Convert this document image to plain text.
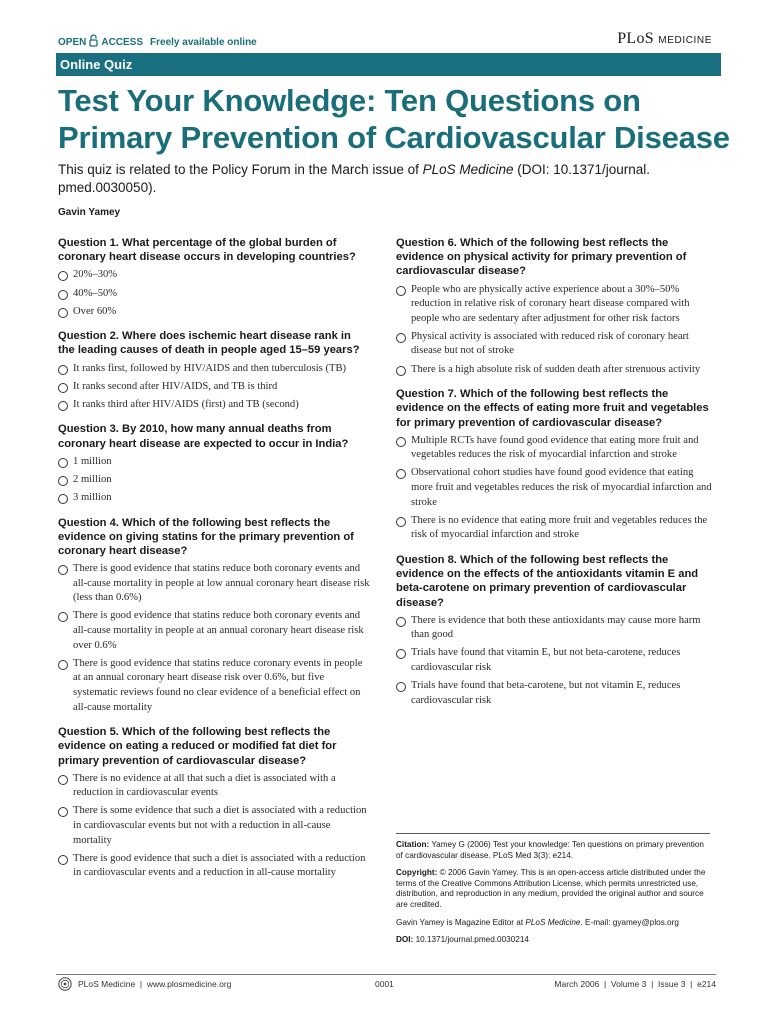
OPEN ACCESS Freely available online	PLoS MEDICINE
Online Quiz
Test Your Knowledge: Ten Questions on Primary Prevention of Cardiovascular Disease

This quiz is related to the Policy Forum in the March issue of PLoS Medicine (DOI: 10.1371/journal. pmed.0030050).

Gavin Yamey

Question 1. What percentage of the global burden of coronary heart disease occurs in developing countries?

20%–30%
40%–50%
Over 60%

Question 2. Where does ischemic heart disease rank in the leading causes of death in people aged 15–59 years?

It ranks first, followed by HIV/AIDS and then tuberculosis (TB)
It ranks second after HIV/AIDS, and TB is third
It ranks third after HIV/AIDS (first) and TB (second)

Question 3. By 2010, how many annual deaths from coronary heart disease are expected to occur in India?

1 million
2 million
3 million

Question 4. Which of the following best reflects the evidence on giving statins for the primary prevention of coronary heart disease?

There is good evidence that statins reduce both coronary events and all-cause mortality in people at low annual coronary heart disease risk (less than 0.6%)
There is good evidence that statins reduce both coronary events and all-cause mortality in people at an annual coronary heart disease risk over 0.6%
There is good evidence that statins reduce coronary events in people at an annual coronary heart disease risk over 0.6%, but five systematic reviews found no clear evidence of a beneficial effect on all-cause mortality

Question 5. Which of the following best reflects the evidence on eating a reduced or modified fat diet for primary prevention of cardiovascular disease?

There is no evidence at all that such a diet is associated with a reduction in cardiovascular events
There is some evidence that such a diet is associated with a reduction in cardiovascular events but not with a reduction in all-cause mortality
There is good evidence that such a diet is associated with a reduction in cardiovascular events and a reduction in all-cause mortality

Question 6. Which of the following best reflects the evidence on physical activity for primary prevention of cardiovascular disease?

People who are physically active experience about a 30%–50% reduction in relative risk of coronary heart disease compared with people who are sedentary after adjustment for other risk factors
Physical activity is associated with reduced risk of coronary heart disease but not of stroke
There is a high absolute risk of sudden death after strenuous activity

Question 7. Which of the following best reflects the evidence on the effects of eating more fruit and vegetables for primary prevention of cardiovascular disease?

Multiple RCTs have found good evidence that eating more fruit and vegetables reduces the risk of myocardial infarction and stroke
Observational cohort studies have found good evidence that eating more fruit and vegetables reduces the risk of myocardial infarction and stroke
There is no evidence that eating more fruit and vegetables reduces the risk of myocardial infarction and stroke

Question 8. Which of the following best reflects the evidence on the effects of the antioxidants vitamin E and beta-carotene on primary prevention of cardiovascular disease?

There is evidence that both these antioxidants may cause more harm than good
Trials have found that vitamin E, but not beta-carotene, reduces cardiovascular risk
Trials have found that beta-carotene, but not vitamin E, reduces cardiovascular risk

Citation: Yamey G (2006) Test your knowledge: Ten questions on primary prevention of cardiovascular disease. PLoS Med 3(3): e214.

Copyright: © 2006 Gavin Yamey. This is an open-access article distributed under the terms of the Creative Commons Attribution License, which permits unrestricted use, distribution, and reproduction in any medium, provided the original author and source are credited.

Gavin Yamey is Magazine Editor at PLoS Medicine. E-mail: gyamey@plos.org

DOI: 10.1371/journal.pmed.0030214

PLoS Medicine  |  www.plosmedicine.org	0001	March 2006  |  Volume 3  |  Issue 3  |  e214
